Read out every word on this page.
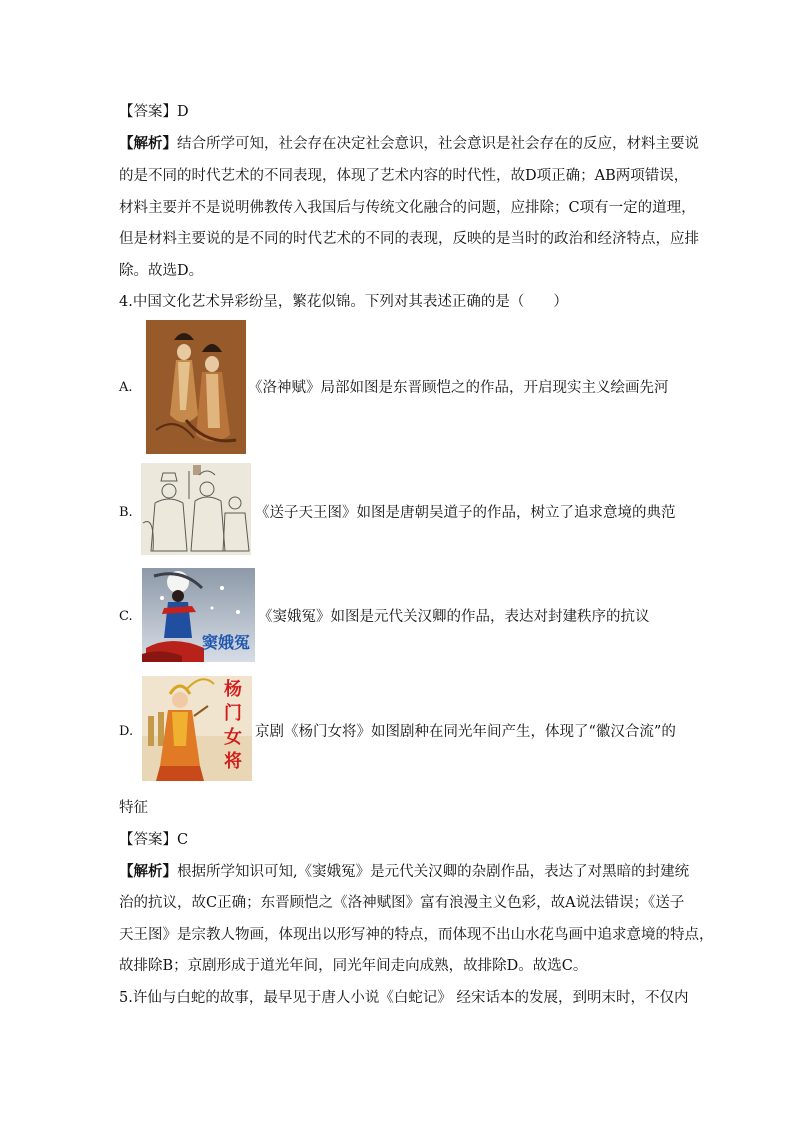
【答案】D
【解析】结合所学可知，社会存在决定社会意识，社会意识是社会存在的反应，材料主要说
的是不同的时代艺术的不同表现，体现了艺术内容的时代性，故D项正确；AB两项错误，
材料主要并不是说明佛教传入我国后与传统文化融合的问题，应排除；C项有一定的道理，
但是材料主要说的是不同的时代艺术的不同的表现，反映的是当时的政治和经济特点，应排
除。故选D。
4.中国文化艺术异彩纷呈，繁花似锦。下列对其表述正确的是（　　）
A.	《洛神赋》局部如图是东晋顾恺之的作品，开启现实主义绘画先河
B.	《送子天王图》如图是唐朝吴道子的作品，树立了追求意境的典范
C.
窦娥冤
《窦娥冤》如图是元代关汉卿的作品，表达对封建秩序的抗议
D.
杨
门
女
将
京剧《杨门女将》如图剧种在同光年间产生，体现了“徽汉合流”的
特征
【答案】C
【解析】根据所学知识可知,《窦娥冤》是元代关汉卿的杂剧作品，表达了对黑暗的封建统
治的抗议，故C正确；东晋顾恺之《洛神赋图》富有浪漫主义色彩，故A说法错误；《送子
天王图》是宗教人物画，体现出以形写神的特点，而体现不出山水花鸟画中追求意境的特点，
故排除B；京剧形成于道光年间，同光年间走向成熟，故排除D。故选C。
5.许仙与白蛇的故事，最早见于唐人小说《白蛇记》 经宋话本的发展，到明末时，不仅内
